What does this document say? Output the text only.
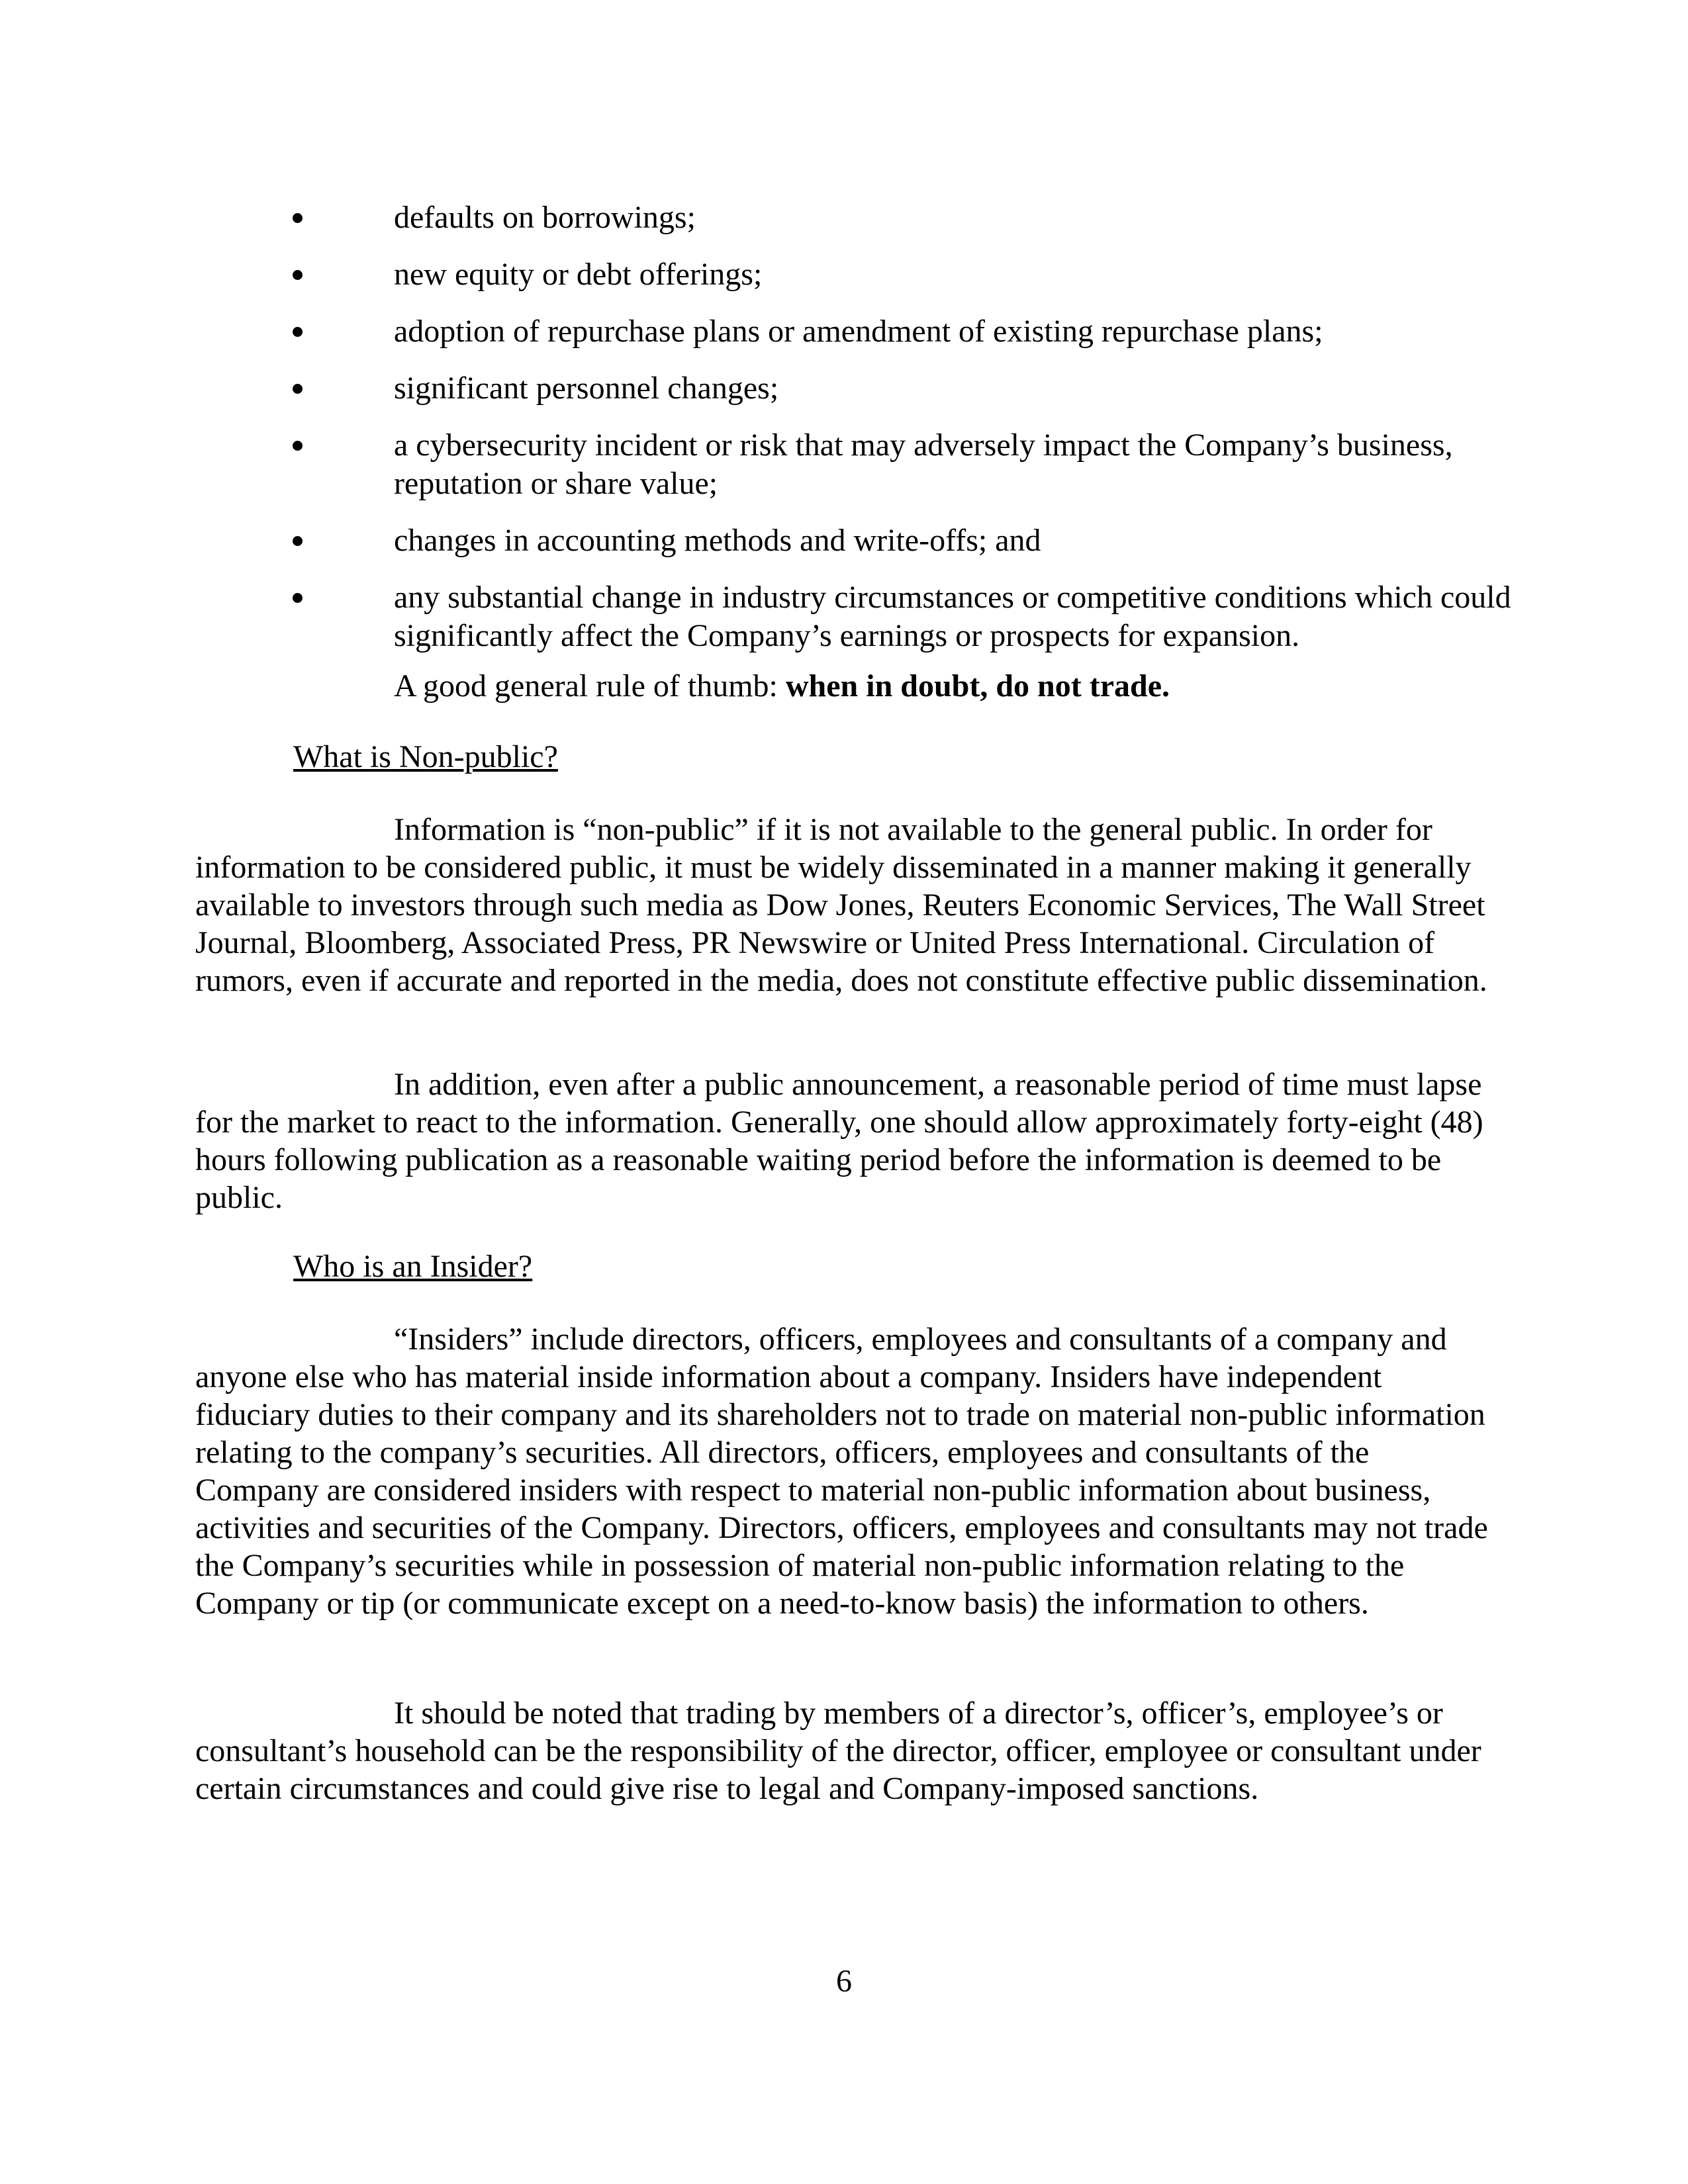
defaults on borrowings;
new equity or debt offerings;
adoption of repurchase plans or amendment of existing repurchase plans;
significant personnel changes;
a cybersecurity incident or risk that may adversely impact the Company’s business, reputation or share value;
changes in accounting methods and write-offs; and
any substantial change in industry circumstances or competitive conditions which could significantly affect the Company’s earnings or prospects for expansion.

A good general rule of thumb: when in doubt, do not trade.

What is Non-public?

Information is “non-public” if it is not available to the general public. In order for information to be considered public, it must be widely disseminated in a manner making it generally available to investors through such media as Dow Jones, Reuters Economic Services, The Wall Street Journal, Bloomberg, Associated Press, PR Newswire or United Press International. Circulation of rumors, even if accurate and reported in the media, does not constitute effective public dissemination.

In addition, even after a public announcement, a reasonable period of time must lapse for the market to react to the information. Generally, one should allow approximately forty-eight (48) hours following publication as a reasonable waiting period before the information is deemed to be public.

Who is an Insider?

“Insiders” include directors, officers, employees and consultants of a company and anyone else who has material inside information about a company. Insiders have independent fiduciary duties to their company and its shareholders not to trade on material non-public information relating to the company’s securities. All directors, officers, employees and consultants of the Company are considered insiders with respect to material non-public information about business, activities and securities of the Company. Directors, officers, employees and consultants may not trade the Company’s securities while in possession of material non-public information relating to the Company or tip (or communicate except on a need-to-know basis) the information to others.

It should be noted that trading by members of a director’s, officer’s, employee’s or consultant’s household can be the responsibility of the director, officer, employee or consultant under certain circumstances and could give rise to legal and Company-imposed sanctions.

6
